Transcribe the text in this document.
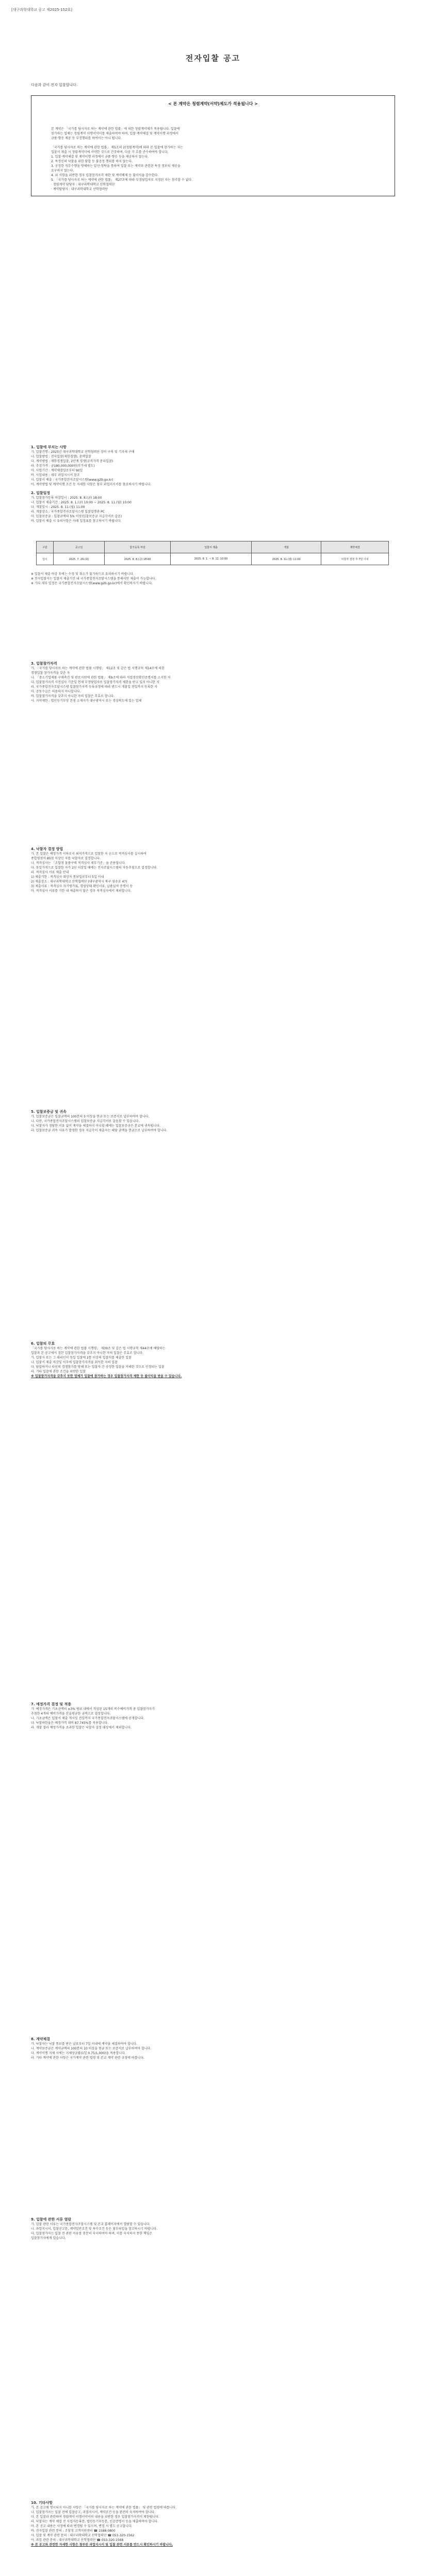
[대구과학대학교 공고 제2025-152호]
전자입찰 공고
다음과 같이 전자 입찰합니다.
< 본 계약은 청렴계약(서약)제도가 적용됩니다 >
본 계약은 「국가를 당사자로 하는 계약에 관한 법률」에 의한 청렴계약제가 적용됩니다. 입찰에
참가하는 업체는 청렴계약 이행서약서를 제출하여야 하며, 입찰·계약체결 및 계약이행 과정에서
금품·향응 제공 등 부정행위를 하여서는 아니 됩니다.

「국가를 당사자로 하는 계약에 관한 법률」 제5조의 2(청렴계약)에 따라 본 입찰에 참가하는 자는
입찰서 제출 시 청렴계약서에 서약한 것으로 간주하며, 다음 각 호를 준수하여야 합니다.
1. 입찰·계약체결 및 계약이행 과정에서 금품·향응 등을 제공하지 않는다.
2. 특정인의 낙찰을 위한 담합 등 불공정 행위를 하지 않는다.
3. 공정한 직무수행을 방해하는 알선·청탁을 통하여 입찰 또는 계약과 관련된 특정 정보의 제공을
요구하지 않는다.
4. 위 사항을 위반한 경우 입찰참가자격 제한 및 계약해제 등 불이익을 감수한다.
5. 「국가를 당사자로 하는 계약에 관한 법률」 제27조에 따라 부정당업자로 지정된 자는 참가할 수 없다.
· 청렴계약 담당자 : 대구과학대학교 산학협력단
· 계약담당자 : 대구과학대학교 산학협력단
1. 입찰에 부치는 사항
가. 입찰건명 : 2025년 대구과학대학교 산학협력단 장비 구축 및 기자재 구매
나. 입찰방법 : 전자입찰(제한경쟁), 총액입찰
다. 계약방법 : 제한경쟁입찰, 2단계 경쟁(규격가격 분리입찰)
라. 추정가격 : 금180,000,000원(부가세 별도)
마. 사업기간 : 계약체결일로부터 90일
바. 사업내용 : 세부 과업지시서 참조
사. 입찰서 제출 : 국가종합전자조달시스템(www.g2b.go.kr)
아. 계약방법 및 계약이행 조건 등 자세한 사항은 첨부 과업지시서를 참조하시기 바랍니다.
2. 입찰일정
가. 입찰참가등록 마감일시 : 2025. 8. 8.(금) 18:00
나. 입찰서 제출기간 : 2025. 8. 1.(금) 10:00 ~ 2025. 8. 11.(월) 10:00
다. 개찰일시 : 2025. 8. 11.(월) 11:00
라. 개찰장소 : 국가종합전자조달시스템 입찰집행관 PC
마. 입찰보증금 : 입찰금액의 5% 이상(입찰보증금 지급각서로 갈음)
바. 입찰서 제출 시 유의사항은 아래 일정표를 참고하시기 바랍니다.
구분	공고일	참가등록 마감	입찰서 제출	개찰	계약체결
일시	2025. 7. 29.(화)	2025. 8. 8.(금) 18:00	2025. 8. 1. ~ 8. 11. 10:00	2025. 8. 11.(월) 11:00	낙찰자 결정 후 7일 이내
※ 입찰서 제출 마감 후에는 수정 및 취소가 불가하므로 유의하시기 바랍니다.
※ 전자입찰서는 입찰서 제출기간 내 국가종합전자조달시스템을 통해서만 제출이 가능합니다.
※ 기타 세부 일정은 국가종합전자조달시스템(www.g2b.go.kr)에서 확인하시기 바랍니다.
3. 입찰참가자격
가. 「국가를 당사자로 하는 계약에 관한 법률 시행령」 제12조 및 같은 법 시행규칙 제14조에 의한
경쟁입찰 참가자격을 갖춘 자
나. 「중소기업제품 구매촉진 및 판로지원에 관한 법률」 제9조에 따라 직접생산확인증명서를 소지한 자
다. 입찰참가자격 사전심사 기준일 현재 부정당업자로 입찰참가자격 제한을 받고 있지 아니한 자
라. 국가종합전자조달시스템 입찰참가자격 등록규정에 따라 반드시 개찰일 전일까지 등록한 자
마. 공동수급은 허용하지 아니합니다.
바. 입찰참가자격을 갖추지 아니한 자의 입찰은 무효로 합니다.
사. 지역제한 : 법인등기부상 본점 소재지가 대구광역시 또는 경상북도에 있는 업체
4. 낙찰자 결정 방법
가. 본 입찰은 예정가격 이하로서 최저가격으로 입찰한 자 순으로 적격심사를 실시하여
종합평점이 85점 이상인 자를 낙찰자로 결정합니다.
나. 적격심사는 「조달청 물품구매 적격심사 세부기준」을 준용합니다.
다. 동일가격으로 입찰한 자가 2인 이상일 때에는 전자조달시스템의 자동추첨으로 결정합니다.
라. 적격심사 서류 제출 안내
1) 제출기한 : 적격심사 대상자 통보일로부터 5일 이내
2) 제출장소 : 대구과학대학교 산학협력단 (대구광역시 북구 영송로 47)
3) 제출서류 : 적격심사 자기평가표, 경영상태 확인서류, 납품실적 증명서 등
마. 적격심사 서류를 기한 내 제출하지 않은 경우 적격심사에서 제외합니다.
5. 입찰보증금 및 귀속
가. 입찰보증금은 입찰금액의 100분의 5 이상을 현금 또는 보증서로 납부하여야 합니다.
나. 다만, 국가종합전자조달시스템의 입찰보증금 지급각서로 갈음할 수 있습니다.
다. 낙찰자가 정당한 이유 없이 계약을 체결하지 아니할 때에는 입찰보증금은 본교에 귀속됩니다.
라. 입찰보증금 귀속 사유가 발생한 경우 지급각서 제출자는 해당 금액을 현금으로 납부하여야 합니다.
6. 입찰의 무효
「국가를 당사자로 하는 계약에 관한 법률 시행령」 제39조 및 같은 법 시행규칙 제44조에 해당하는
입찰과 본 공고에서 정한 입찰참가자격을 갖추지 아니한 자의 입찰은 무효로 합니다.
가. 입찰자 또는 그 대리인이 동일 입찰에 2통 이상의 입찰서를 제출한 입찰
나. 입찰서 제출 마감일 이후에 입찰참가자격을 취득한 자의 입찰
다. 담합하거나 타인의 경쟁참가를 방해 또는 입찰자 간 공정한 입찰을 저해한 것으로 인정되는 입찰
라. 기타 입찰에 관한 조건을 위반한 입찰
※ 입찰참가자격을 갖추지 못한 업체가 입찰에 참가하는 경우 입찰참가자격 제한 등 불이익을 받을 수 있습니다.
7. 예정가격 결정 및 적용
가. 예정가격은 기초금액의 ±3% 범위 내에서 작성된 15개의 복수예비가격 중 입찰참가자가
추첨한 4개의 예비가격을 산술평균한 금액으로 결정합니다.
나. 기초금액은 입찰서 제출 개시일 전일까지 국가종합전자조달시스템에 공개합니다.
다. 낙찰하한율은 예정가격 대비 87.745%를 적용합니다.
라. 개찰 결과 예정가격을 초과한 입찰은 낙찰자 결정 대상에서 제외합니다.
8. 계약체결
가. 낙찰자는 낙찰 통보를 받은 날로부터 7일 이내에 계약을 체결하여야 합니다.
나. 계약보증금은 계약금액의 100분의 10 이상을 현금 또는 보증서로 납부하여야 합니다.
다. 계약이행 지체 시에는 지체상금률(1일 0.75/1,000)을 적용합니다.
라. 기타 계약에 관한 사항은 국가계약 관련 법령 및 본교 계약 관련 규정에 따릅니다.
9. 입찰에 관한 서류 열람
가. 입찰 관련 서류는 국가종합전자조달시스템 및 본교 홈페이지에서 열람할 수 있습니다.
나. 과업지시서, 입찰공고문, 계약일반조건 및 특수조건 등은 첨부파일을 참고하시기 바랍니다.
다. 입찰참가자는 입찰 전 관련 서류를 충분히 숙지하여야 하며, 이를 숙지하지 못한 책임은
입찰참가자에게 있습니다.
10. 기타사항
가. 본 공고에 명시되지 아니한 사항은 「국가를 당사자로 하는 계약에 관한 법률」 및 관련 법령에 따릅니다.
나. 입찰참가자는 입찰 전에 입찰공고, 과업지시서, 계약조건 등을 완전히 숙지하여야 합니다.
다. 본 입찰과 관련하여 청렴계약 이행서약서의 내용을 위반한 경우 입찰참가자격이 제한됩니다.
라. 낙찰자는 계약 체결 전 사업자등록증, 법인등기부등본, 인감증명서 등을 제출하여야 합니다.
마. 본 공고 내용은 사정에 따라 변경될 수 있으며, 변경 시 별도 공고합니다.
바. 전자입찰 관련 문의 : 조달청 고객지원센터 ☎ 1588-0800
사. 입찰 및 계약 관련 문의 : 대구과학대학교 산학협력단 ☎ 053-320-1562
아. 과업 관련 문의 : 대구과학대학교 산학협력단 ☎ 053-320-1568
※ 본 공고와 관련한 자세한 사항은 첨부된 과업지시서 및 입찰 관련 서류를 반드시 확인하시기 바랍니다.
